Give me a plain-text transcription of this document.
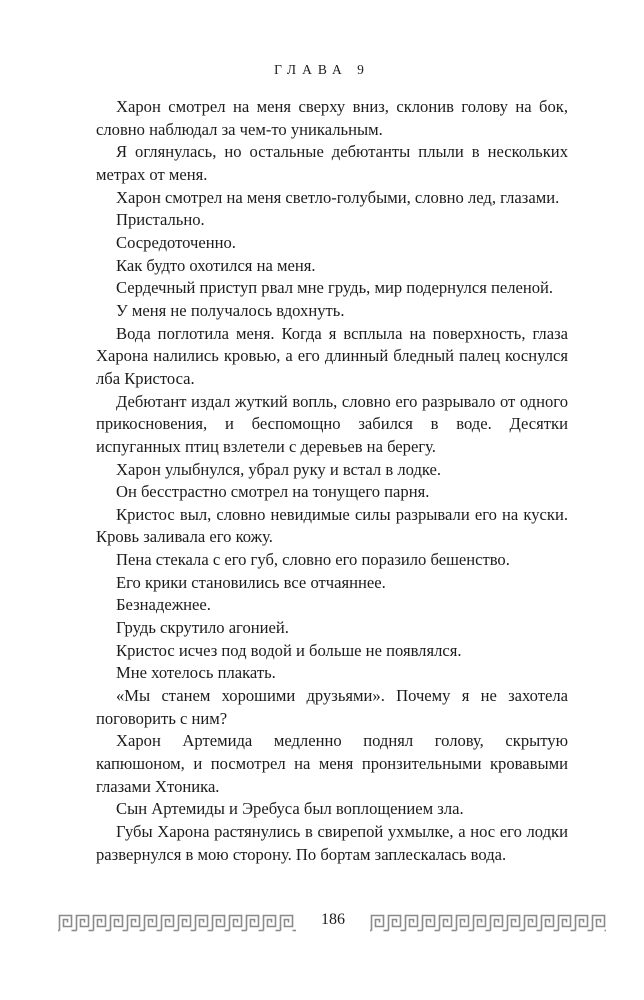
ГЛАВА 9

Харон смотрел на меня сверху вниз, склонив голову на бок, словно наблюдал за чем-то уникальным.

Я оглянулась, но остальные дебютанты плыли в нескольких метрах от меня.

Харон смотрел на меня светло-голубыми, словно лед, глазами.

Пристально.

Сосредоточенно.

Как будто охотился на меня.

Сердечный приступ рвал мне грудь, мир подернулся пеленой.

У меня не получалось вдохнуть.

Вода поглотила меня. Когда я всплыла на поверхность, глаза Харона налились кровью, а его длинный бледный палец коснулся лба Кристоса.

Дебютант издал жуткий вопль, словно его разрывало от одного прикосновения, и беспомощно забился в воде. Десятки испуганных птиц взлетели с деревьев на берегу.

Харон улыбнулся, убрал руку и встал в лодке.

Он бесстрастно смотрел на тонущего парня.

Кристос выл, словно невидимые силы разрывали его на куски. Кровь заливала его кожу.

Пена стекала с его губ, словно его поразило бешенство.

Его крики становились все отчаяннее.

Безнадежнее.

Грудь скрутило агонией.

Кристос исчез под водой и больше не появлялся.

Мне хотелось плакать.

«Мы станем хорошими друзьями». Почему я не захотела поговорить с ним?

Харон Артемида медленно поднял голову, скрытую капюшоном, и посмотрел на меня пронзительными кровавыми глазами Хтоника.

Сын Артемиды и Эребуса был воплощением зла.

Губы Харона растянулись в свирепой ухмылке, а нос его лодки развернулся в мою сторону. По бортам заплескалась вода.

186
